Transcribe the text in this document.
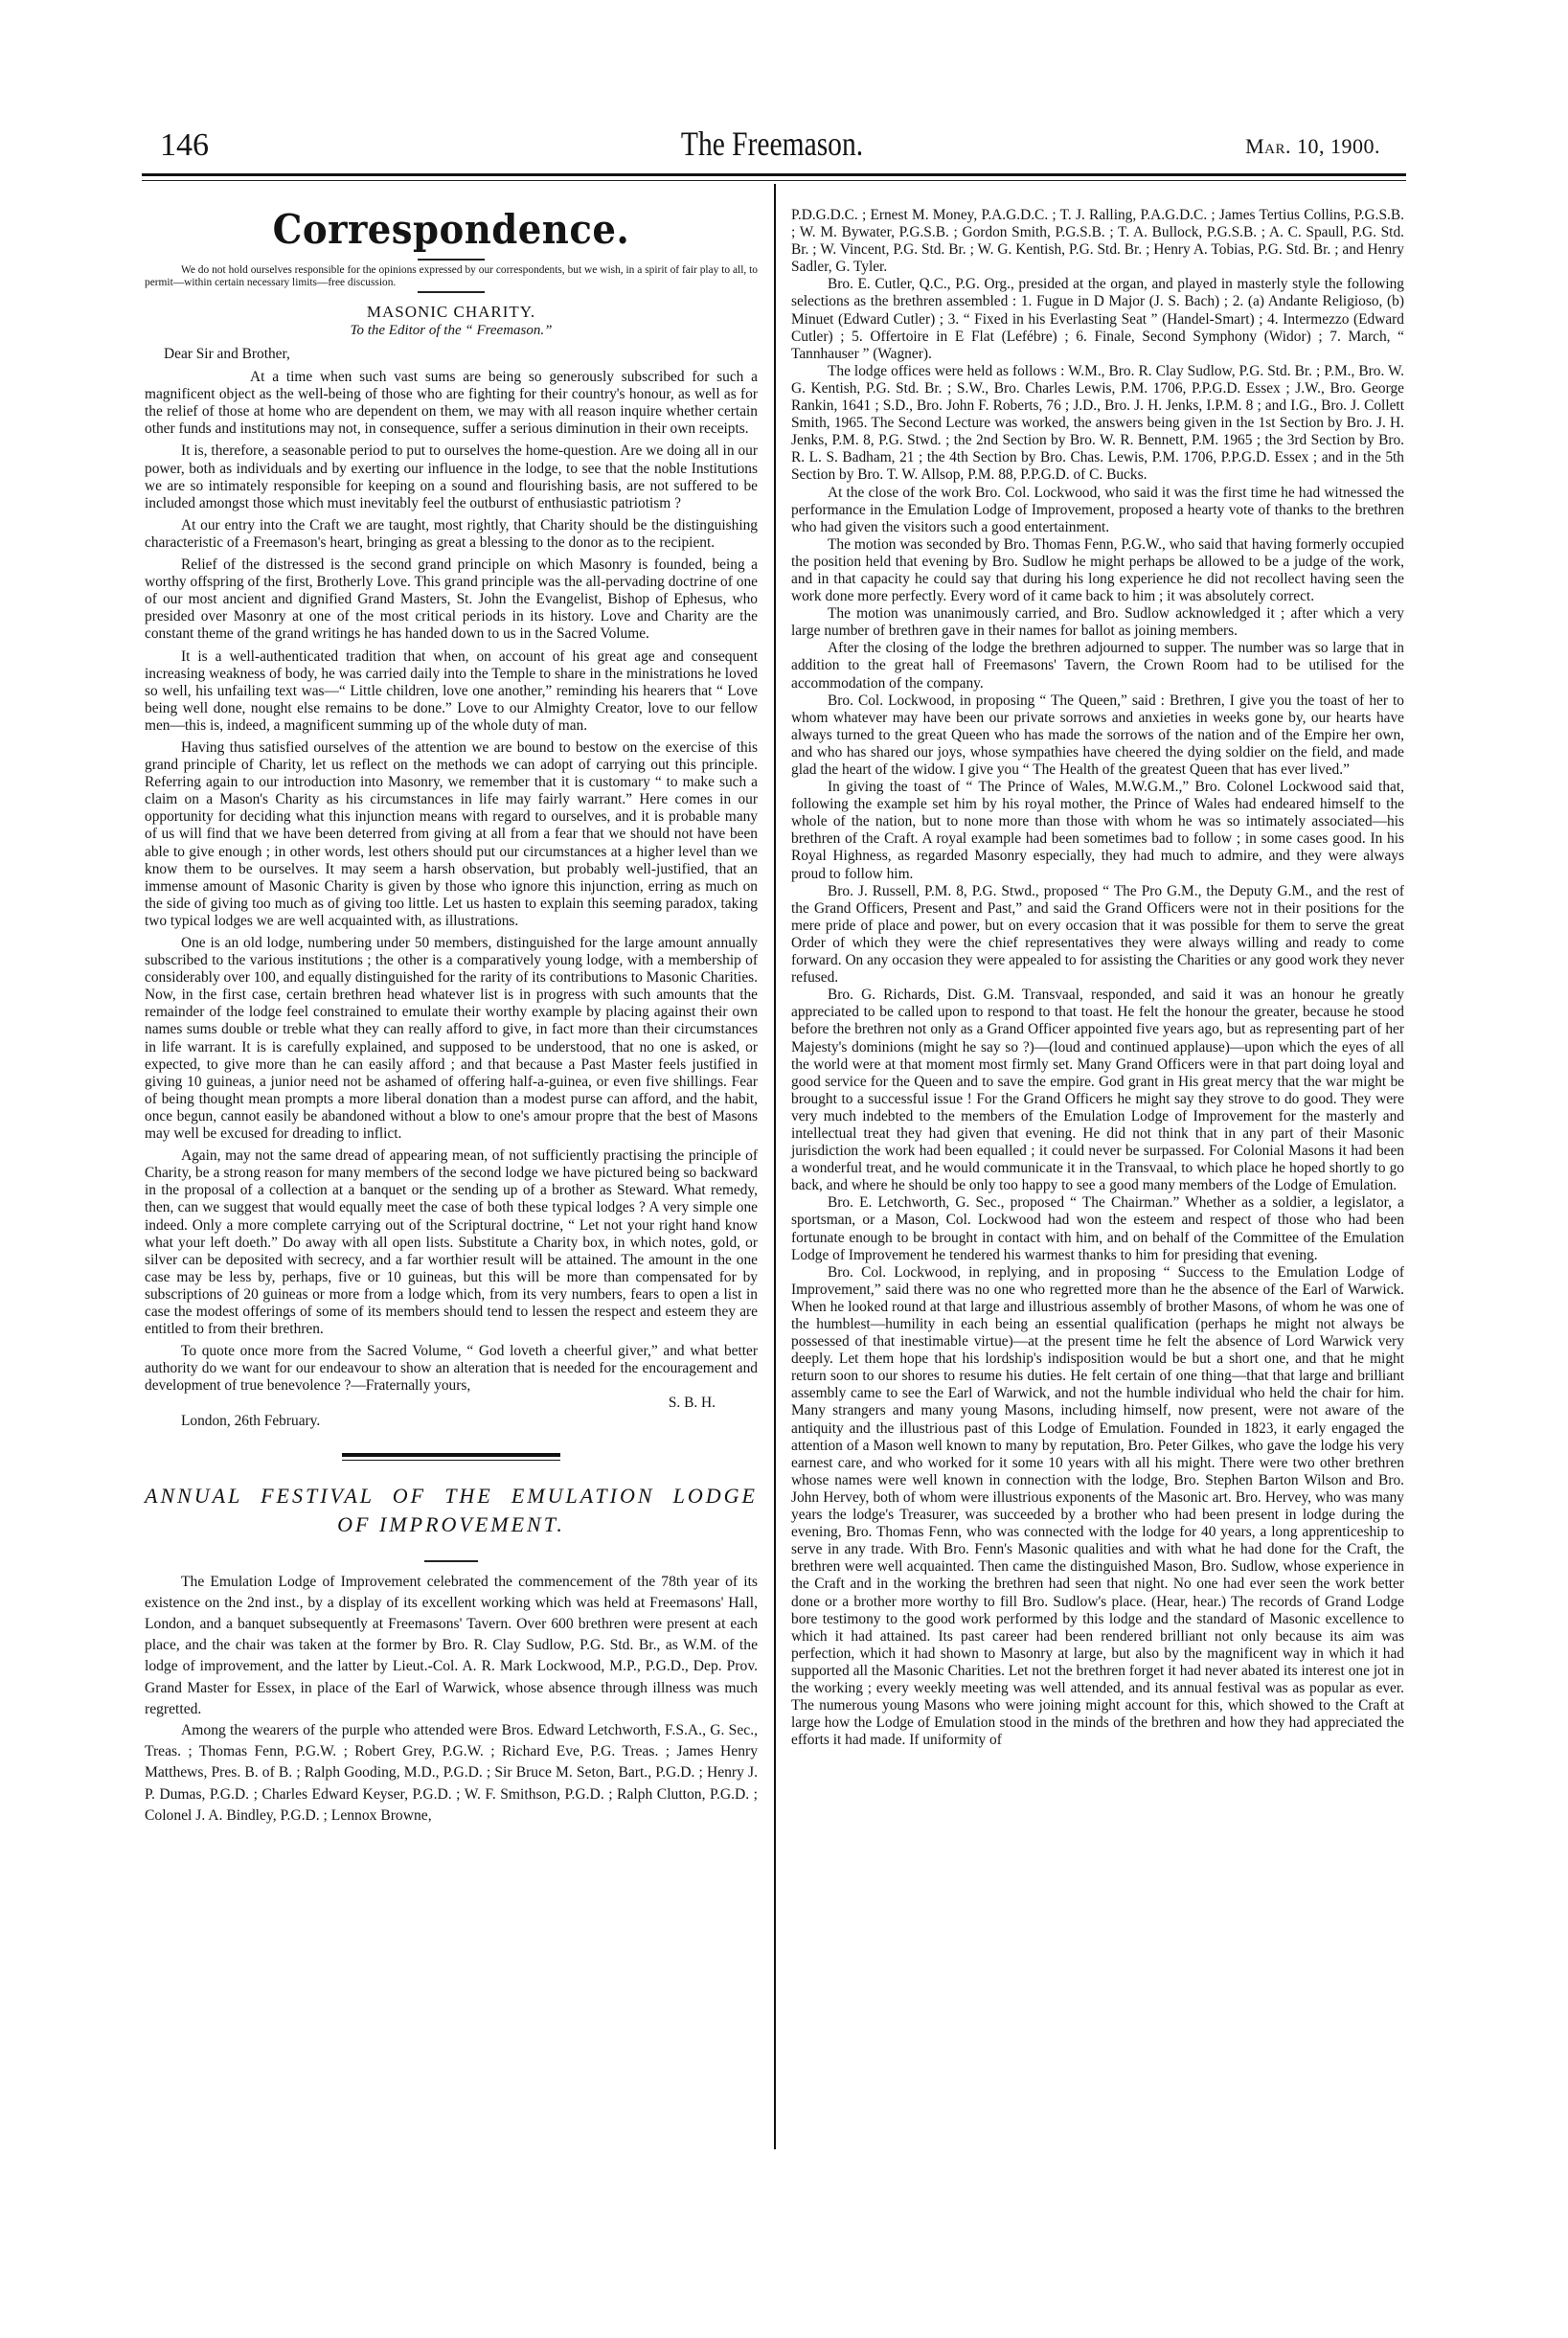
146	The Freemason.	Mar. 10, 1900.
Correspondence.

We do not hold ourselves responsible for the opinions expressed by our correspondents, but we wish, in a spirit of fair play to all, to permit—within certain necessary limits—free discussion.

MASONIC CHARITY.
To the Editor of the “ Freemason.”

Dear Sir and Brother,

At a time when such vast sums are being so generously subscribed for such a magnificent object as the well-being of those who are fighting for their country's honour, as well as for the relief of those at home who are dependent on them, we may with all reason inquire whether certain other funds and institutions may not, in consequence, suffer a serious diminution in their own receipts.

It is, therefore, a seasonable period to put to ourselves the home-question. Are we doing all in our power, both as individuals and by exerting our influence in the lodge, to see that the noble Institutions we are so intimately responsible for keeping on a sound and flourishing basis, are not suffered to be included amongst those which must inevitably feel the outburst of enthusiastic patriotism ?

At our entry into the Craft we are taught, most rightly, that Charity should be the distinguishing characteristic of a Freemason's heart, bringing as great a blessing to the donor as to the recipient.

Relief of the distressed is the second grand principle on which Masonry is founded, being a worthy offspring of the first, Brotherly Love. This grand principle was the all-pervading doctrine of one of our most ancient and dignified Grand Masters, St. John the Evangelist, Bishop of Ephesus, who presided over Masonry at one of the most critical periods in its history. Love and Charity are the constant theme of the grand writings he has handed down to us in the Sacred Volume.

It is a well-authenticated tradition that when, on account of his great age and consequent increasing weakness of body, he was carried daily into the Temple to share in the ministrations he loved so well, his unfailing text was—“ Little children, love one another,” reminding his hearers that “ Love being well done, nought else remains to be done.” Love to our Almighty Creator, love to our fellow men—this is, indeed, a magnificent summing up of the whole duty of man.

Having thus satisfied ourselves of the attention we are bound to bestow on the exercise of this grand principle of Charity, let us reflect on the methods we can adopt of carrying out this principle. Referring again to our introduction into Masonry, we remember that it is customary “ to make such a claim on a Mason's Charity as his circumstances in life may fairly warrant.” Here comes in our opportunity for deciding what this injunction means with regard to ourselves, and it is probable many of us will find that we have been deterred from giving at all from a fear that we should not have been able to give enough ; in other words, lest others should put our circumstances at a higher level than we know them to be ourselves. It may seem a harsh observation, but probably well-justified, that an immense amount of Masonic Charity is given by those who ignore this injunction, erring as much on the side of giving too much as of giving too little. Let us hasten to explain this seeming paradox, taking two typical lodges we are well acquainted with, as illustrations.

One is an old lodge, numbering under 50 members, distinguished for the large amount annually subscribed to the various institutions ; the other is a comparatively young lodge, with a membership of considerably over 100, and equally distinguished for the rarity of its contributions to Masonic Charities. Now, in the first case, certain brethren head whatever list is in progress with such amounts that the remainder of the lodge feel constrained to emulate their worthy example by placing against their own names sums double or treble what they can really afford to give, in fact more than their circumstances in life warrant. It is is carefully explained, and supposed to be understood, that no one is asked, or expected, to give more than he can easily afford ; and that because a Past Master feels justified in giving 10 guineas, a junior need not be ashamed of offering half-a-guinea, or even five shillings. Fear of being thought mean prompts a more liberal donation than a modest purse can afford, and the habit, once begun, cannot easily be abandoned without a blow to one's amour propre that the best of Masons may well be excused for dreading to inflict.

Again, may not the same dread of appearing mean, of not sufficiently practising the principle of Charity, be a strong reason for many members of the second lodge we have pictured being so backward in the proposal of a collection at a banquet or the sending up of a brother as Steward. What remedy, then, can we suggest that would equally meet the case of both these typical lodges ? A very simple one indeed. Only a more complete carrying out of the Scriptural doctrine, “ Let not your right hand know what your left doeth.” Do away with all open lists. Substitute a Charity box, in which notes, gold, or silver can be deposited with secrecy, and a far worthier result will be attained. The amount in the one case may be less by, perhaps, five or 10 guineas, but this will be more than compensated for by subscriptions of 20 guineas or more from a lodge which, from its very numbers, fears to open a list in case the modest offerings of some of its members should tend to lessen the respect and esteem they are entitled to from their brethren.

To quote once more from the Sacred Volume, “ God loveth a cheerful giver,” and what better authority do we want for our endeavour to show an alteration that is needed for the encouragement and development of true benevolence ?—Fraternally yours,

S. B. H.

London, 26th February.

ANNUAL FESTIVAL OF THE EMULATION LODGE
OF IMPROVEMENT.

The Emulation Lodge of Improvement celebrated the commencement of the 78th year of its existence on the 2nd inst., by a display of its excellent working which was held at Freemasons' Hall, London, and a banquet subsequently at Freemasons' Tavern. Over 600 brethren were present at each place, and the chair was taken at the former by Bro. R. Clay Sudlow, P.G. Std. Br., as W.M. of the lodge of improvement, and the latter by Lieut.-Col. A. R. Mark Lockwood, M.P., P.G.D., Dep. Prov. Grand Master for Essex, in place of the Earl of Warwick, whose absence through illness was much regretted.

Among the wearers of the purple who attended were Bros. Edward Letchworth, F.S.A., G. Sec., Treas. ; Thomas Fenn, P.G.W. ; Robert Grey, P.G.W. ; Richard Eve, P.G. Treas. ; James Henry Matthews, Pres. B. of B. ; Ralph Gooding, M.D., P.G.D. ; Sir Bruce M. Seton, Bart., P.G.D. ; Henry J. P. Dumas, P.G.D. ; Charles Edward Keyser, P.G.D. ; W. F. Smithson, P.G.D. ; Ralph Clutton, P.G.D. ; Colonel J. A. Bindley, P.G.D. ; Lennox Browne,

P.D.G.D.C. ; Ernest M. Money, P.A.G.D.C. ; T. J. Ralling, P.A.G.D.C. ; James Tertius Collins, P.G.S.B. ; W. M. Bywater, P.G.S.B. ; Gordon Smith, P.G.S.B. ; T. A. Bullock, P.G.S.B. ; A. C. Spaull, P.G. Std. Br. ; W. Vincent, P.G. Std. Br. ; W. G. Kentish, P.G. Std. Br. ; Henry A. Tobias, P.G. Std. Br. ; and Henry Sadler, G. Tyler.

Bro. E. Cutler, Q.C., P.G. Org., presided at the organ, and played in masterly style the following selections as the brethren assembled : 1. Fugue in D Major (J. S. Bach) ; 2. (a) Andante Religioso, (b) Minuet (Edward Cutler) ; 3. “ Fixed in his Everlasting Seat ” (Handel-Smart) ; 4. Intermezzo (Edward Cutler) ; 5. Offertoire in E Flat (Lefébre) ; 6. Finale, Second Symphony (Widor) ; 7. March, “ Tannhauser ” (Wagner).

The lodge offices were held as follows : W.M., Bro. R. Clay Sudlow, P.G. Std. Br. ; P.M., Bro. W. G. Kentish, P.G. Std. Br. ; S.W., Bro. Charles Lewis, P.M. 1706, P.P.G.D. Essex ; J.W., Bro. George Rankin, 1641 ; S.D., Bro. John F. Roberts, 76 ; J.D., Bro. J. H. Jenks, I.P.M. 8 ; and I.G., Bro. J. Collett Smith, 1965. The Second Lecture was worked, the answers being given in the 1st Section by Bro. J. H. Jenks, P.M. 8, P.G. Stwd. ; the 2nd Section by Bro. W. R. Bennett, P.M. 1965 ; the 3rd Section by Bro. R. L. S. Badham, 21 ; the 4th Section by Bro. Chas. Lewis, P.M. 1706, P.P.G.D. Essex ; and in the 5th Section by Bro. T. W. Allsop, P.M. 88, P.P.G.D. of C. Bucks.

At the close of the work Bro. Col. Lockwood, who said it was the first time he had witnessed the performance in the Emulation Lodge of Improvement, proposed a hearty vote of thanks to the brethren who had given the visitors such a good entertainment.

The motion was seconded by Bro. Thomas Fenn, P.G.W., who said that having formerly occupied the position held that evening by Bro. Sudlow he might perhaps be allowed to be a judge of the work, and in that capacity he could say that during his long experience he did not recollect having seen the work done more perfectly. Every word of it came back to him ; it was absolutely correct.

The motion was unanimously carried, and Bro. Sudlow acknowledged it ; after which a very large number of brethren gave in their names for ballot as joining members.

After the closing of the lodge the brethren adjourned to supper. The number was so large that in addition to the great hall of Freemasons' Tavern, the Crown Room had to be utilised for the accommodation of the company.

Bro. Col. Lockwood, in proposing “ The Queen,” said : Brethren, I give you the toast of her to whom whatever may have been our private sorrows and anxieties in weeks gone by, our hearts have always turned to the great Queen who has made the sorrows of the nation and of the Empire her own, and who has shared our joys, whose sympathies have cheered the dying soldier on the field, and made glad the heart of the widow. I give you “ The Health of the greatest Queen that has ever lived.”

In giving the toast of “ The Prince of Wales, M.W.G.M.,” Bro. Colonel Lockwood said that, following the example set him by his royal mother, the Prince of Wales had endeared himself to the whole of the nation, but to none more than those with whom he was so intimately associated—his brethren of the Craft. A royal example had been sometimes bad to follow ; in some cases good. In his Royal Highness, as regarded Masonry especially, they had much to admire, and they were always proud to follow him.

Bro. J. Russell, P.M. 8, P.G. Stwd., proposed “ The Pro G.M., the Deputy G.M., and the rest of the Grand Officers, Present and Past,” and said the Grand Officers were not in their positions for the mere pride of place and power, but on every occasion that it was possible for them to serve the great Order of which they were the chief representatives they were always willing and ready to come forward. On any occasion they were appealed to for assisting the Charities or any good work they never refused.

Bro. G. Richards, Dist. G.M. Transvaal, responded, and said it was an honour he greatly appreciated to be called upon to respond to that toast. He felt the honour the greater, because he stood before the brethren not only as a Grand Officer appointed five years ago, but as representing part of her Majesty's dominions (might he say so ?)—(loud and continued applause)—upon which the eyes of all the world were at that moment most firmly set. Many Grand Officers were in that part doing loyal and good service for the Queen and to save the empire. God grant in His great mercy that the war might be brought to a successful issue ! For the Grand Officers he might say they strove to do good. They were very much indebted to the members of the Emulation Lodge of Improvement for the masterly and intellectual treat they had given that evening. He did not think that in any part of their Masonic jurisdiction the work had been equalled ; it could never be surpassed. For Colonial Masons it had been a wonderful treat, and he would communicate it in the Transvaal, to which place he hoped shortly to go back, and where he should be only too happy to see a good many members of the Lodge of Emulation.

Bro. E. Letchworth, G. Sec., proposed “ The Chairman.” Whether as a soldier, a legislator, a sportsman, or a Mason, Col. Lockwood had won the esteem and respect of those who had been fortunate enough to be brought in contact with him, and on behalf of the Committee of the Emulation Lodge of Improvement he tendered his warmest thanks to him for presiding that evening.

Bro. Col. Lockwood, in replying, and in proposing “ Success to the Emulation Lodge of Improvement,” said there was no one who regretted more than he the absence of the Earl of Warwick. When he looked round at that large and illustrious assembly of brother Masons, of whom he was one of the humblest—humility in each being an essential qualification (perhaps he might not always be possessed of that inestimable virtue)—at the present time he felt the absence of Lord Warwick very deeply. Let them hope that his lordship's indisposition would be but a short one, and that he might return soon to our shores to resume his duties. He felt certain of one thing—that that large and brilliant assembly came to see the Earl of Warwick, and not the humble individual who held the chair for him. Many strangers and many young Masons, including himself, now present, were not aware of the antiquity and the illustrious past of this Lodge of Emulation. Founded in 1823, it early engaged the attention of a Mason well known to many by reputation, Bro. Peter Gilkes, who gave the lodge his very earnest care, and who worked for it some 10 years with all his might. There were two other brethren whose names were well known in connection with the lodge, Bro. Stephen Barton Wilson and Bro. John Hervey, both of whom were illustrious exponents of the Masonic art. Bro. Hervey, who was many years the lodge's Treasurer, was succeeded by a brother who had been present in lodge during the evening, Bro. Thomas Fenn, who was connected with the lodge for 40 years, a long apprenticeship to serve in any trade. With Bro. Fenn's Masonic qualities and with what he had done for the Craft, the brethren were well acquainted. Then came the distinguished Mason, Bro. Sudlow, whose experience in the Craft and in the working the brethren had seen that night. No one had ever seen the work better done or a brother more worthy to fill Bro. Sudlow's place. (Hear, hear.) The records of Grand Lodge bore testimony to the good work performed by this lodge and the standard of Masonic excellence to which it had attained. Its past career had been rendered brilliant not only because its aim was perfection, which it had shown to Masonry at large, but also by the magnificent way in which it had supported all the Masonic Charities. Let not the brethren forget it had never abated its interest one jot in the working ; every weekly meeting was well attended, and its annual festival was as popular as ever. The numerous young Masons who were joining might account for this, which showed to the Craft at large how the Lodge of Emulation stood in the minds of the brethren and how they had appreciated the efforts it had made. If uniformity of
